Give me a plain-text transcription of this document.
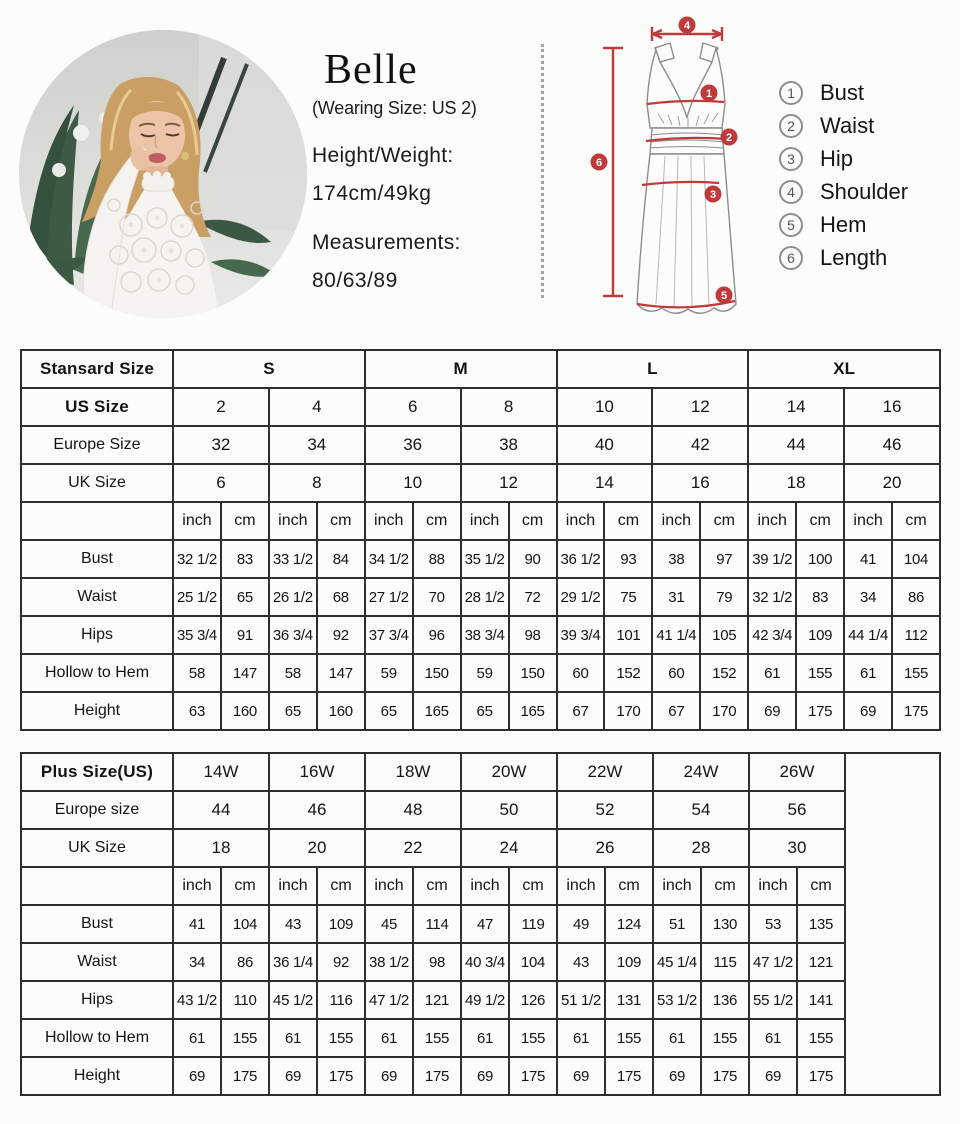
Belle
(Wearing Size: US 2)
Height/Weight:
174cm/49kg
Measurements:
80/63/89
1
2
3
4
5
6
1	Bust
2	Waist
3	Hip
4	Shoulder
5	Hem
6	Length
Stansard Size	S				M				L				XL			
US Size	2		4		6		8		10		12		14		16	
Europe Size	32		34		36		38		40		42		44		46	
UK Size	6		8		10		12		14		16		18		20	
	inch	cm	inch	cm	inch	cm	inch	cm	inch	cm	inch	cm	inch	cm	inch	cm
Bust	32 1/2	83	33 1/2	84	34 1/2	88	35 1/2	90	36 1/2	93	38	97	39 1/2	100	41	104
Waist	25 1/2	65	26 1/2	68	27 1/2	70	28 1/2	72	29 1/2	75	31	79	32 1/2	83	34	86
Hips	35 3/4	91	36 3/4	92	37 3/4	96	38 3/4	98	39 3/4	101	41 1/4	105	42 3/4	109	44 1/4	112
Hollow to Hem	58	147	58	147	59	150	59	150	60	152	60	152	61	155	61	155
Height	63	160	65	160	65	165	65	165	67	170	67	170	69	175	69	175
Plus Size(US)	14W		16W		18W		20W		22W		24W		26W		
Europe size	44		46		48		50		52		54		56		
UK Size	18		20		22		24		26		28		30		
	inch	cm	inch	cm	inch	cm	inch	cm	inch	cm	inch	cm	inch	cm	
Bust	41	104	43	109	45	114	47	119	49	124	51	130	53	135	
Waist	34	86	36 1/4	92	38 1/2	98	40 3/4	104	43	109	45 1/4	115	47 1/2	121	
Hips	43 1/2	110	45 1/2	116	47 1/2	121	49 1/2	126	51 1/2	131	53 1/2	136	55 1/2	141	
Hollow to Hem	61	155	61	155	61	155	61	155	61	155	61	155	61	155	
Height	69	175	69	175	69	175	69	175	69	175	69	175	69	175	
